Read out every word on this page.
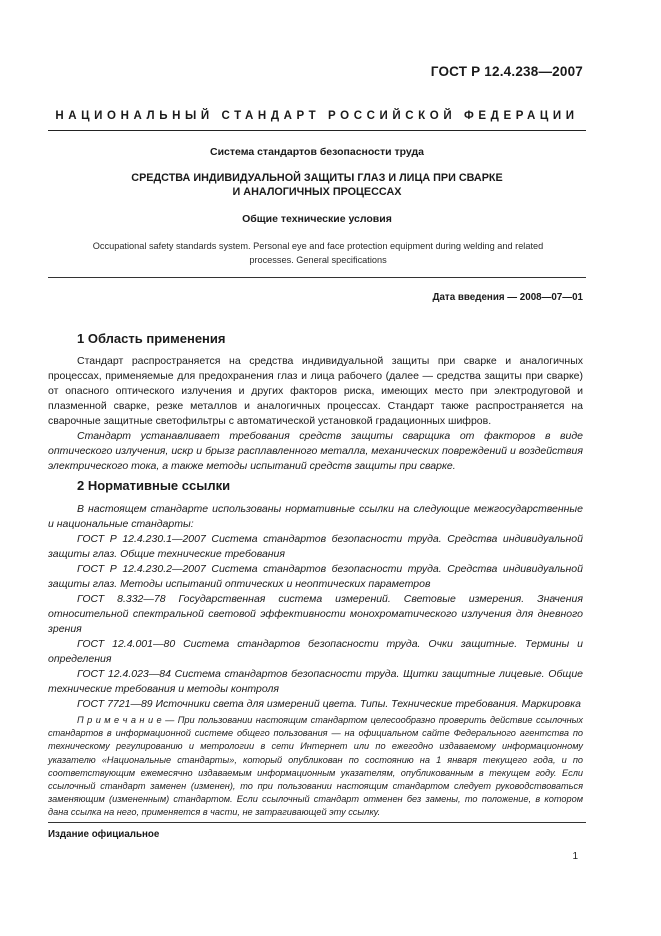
ГОСТ Р 12.4.238—2007
НАЦИОНАЛЬНЫЙ СТАНДАРТ РОССИЙСКОЙ ФЕДЕРАЦИИ
Система стандартов безопасности труда
СРЕДСТВА ИНДИВИДУАЛЬНОЙ ЗАЩИТЫ ГЛАЗ И ЛИЦА ПРИ СВАРКЕ
И АНАЛОГИЧНЫХ ПРОЦЕССАХ
Общие технические условия
Occupational safety standards system. Personal eye and face protection equipment during welding and related
processes. General specifications
Дата введения — 2008—07—01
1 Область применения

Стандарт распространяется на средства индивидуальной защиты при сварке и аналогичных процессах, применяемые для предохранения глаз и лица рабочего (далее — средства защиты при сварке) от опасного оптического излучения и других факторов риска, имеющих место при электродуговой и плазменной сварке, резке металлов и аналогичных процессах. Стандарт также распространяется на сварочные защитные светофильтры с автоматической установкой градационных шифров.

Стандарт устанавливает требования средств защиты сварщика от факторов в виде оптического излучения, искр и брызг расплавленного металла, механических повреждений и воздействия электрического тока, а также методы испытаний средств защиты при сварке.

2 Нормативные ссылки

В настоящем стандарте использованы нормативные ссылки на следующие межгосударственные и национальные стандарты:

ГОСТ Р 12.4.230.1—2007 Система стандартов безопасности труда. Средства индивидуальной защиты глаз. Общие технические требования

ГОСТ Р 12.4.230.2—2007 Система стандартов безопасности труда. Средства индивидуальной защиты глаз. Методы испытаний оптических и неоптических параметров

ГОСТ 8.332—78 Государственная система измерений. Световые измерения. Значения относительной спектральной световой эффективности монохроматического излучения для дневного зрения

ГОСТ 12.4.001—80 Система стандартов безопасности труда. Очки защитные. Термины и определения

ГОСТ 12.4.023—84 Система стандартов безопасности труда. Щитки защитные лицевые. Общие технические требования и методы контроля

ГОСТ 7721—89 Источники света для измерений цвета. Типы. Технические требования. Маркировка

П р и м е ч а н и е — При пользовании настоящим стандартом целесообразно проверить действие ссылочных стандартов в информационной системе общего пользования — на официальном сайте Федерального агентства по техническому регулированию и метрологии в сети Интернет или по ежегодно издаваемому информационному указателю «Национальные стандарты», который опубликован по состоянию на 1 января текущего года, и по соответствующим ежемесячно издаваемым информационным указателям, опубликованным в текущем году. Если ссылочный стандарт заменен (изменен), то при пользовании настоящим стандартом следует руководствоваться заменяющим (измененным) стандартом. Если ссылочный стандарт отменен без замены, то положение, в котором дана ссылка на него, применяется в части, не затрагивающей эту ссылку.

Издание официальное
1
